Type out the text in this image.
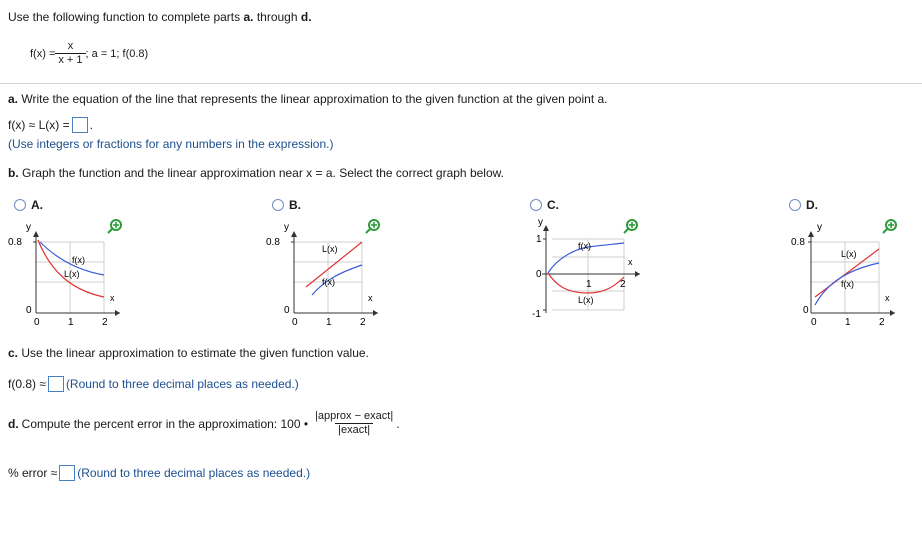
Use the following function to complete parts a. through d.
$f(x) = \frac{x}{x + 1}$ ; a = 1; f(0.8)
a. Write the equation of the line that represents the linear approximation to the given function at the given point a.
f(x) ≈ L(x) = .
(Use integers or fractions for any numbers in the expression.)
b. Graph the function and the linear approximation near x = a. Select the correct graph below.
A.
y
x
0.8
0
0	1	2
f(x)
L(x)
B.
y
x
0.8
0
0	1	2
f(x)
L(x)
C.
y
x
1
0
-1
1	2
f(x)
L(x)
D.
y
x
0.8
0
0	1	2
f(x)
L(x)
c. Use the linear approximation to estimate the given function value.
f(0.8) ≈ (Round to three decimal places as needed.)
d. Compute the percent error in the approximation: 100 • $\frac{\text{|approx − exact|}}{\text{|exact|}}$ .
% error ≈ (Round to three decimal places as needed.)
